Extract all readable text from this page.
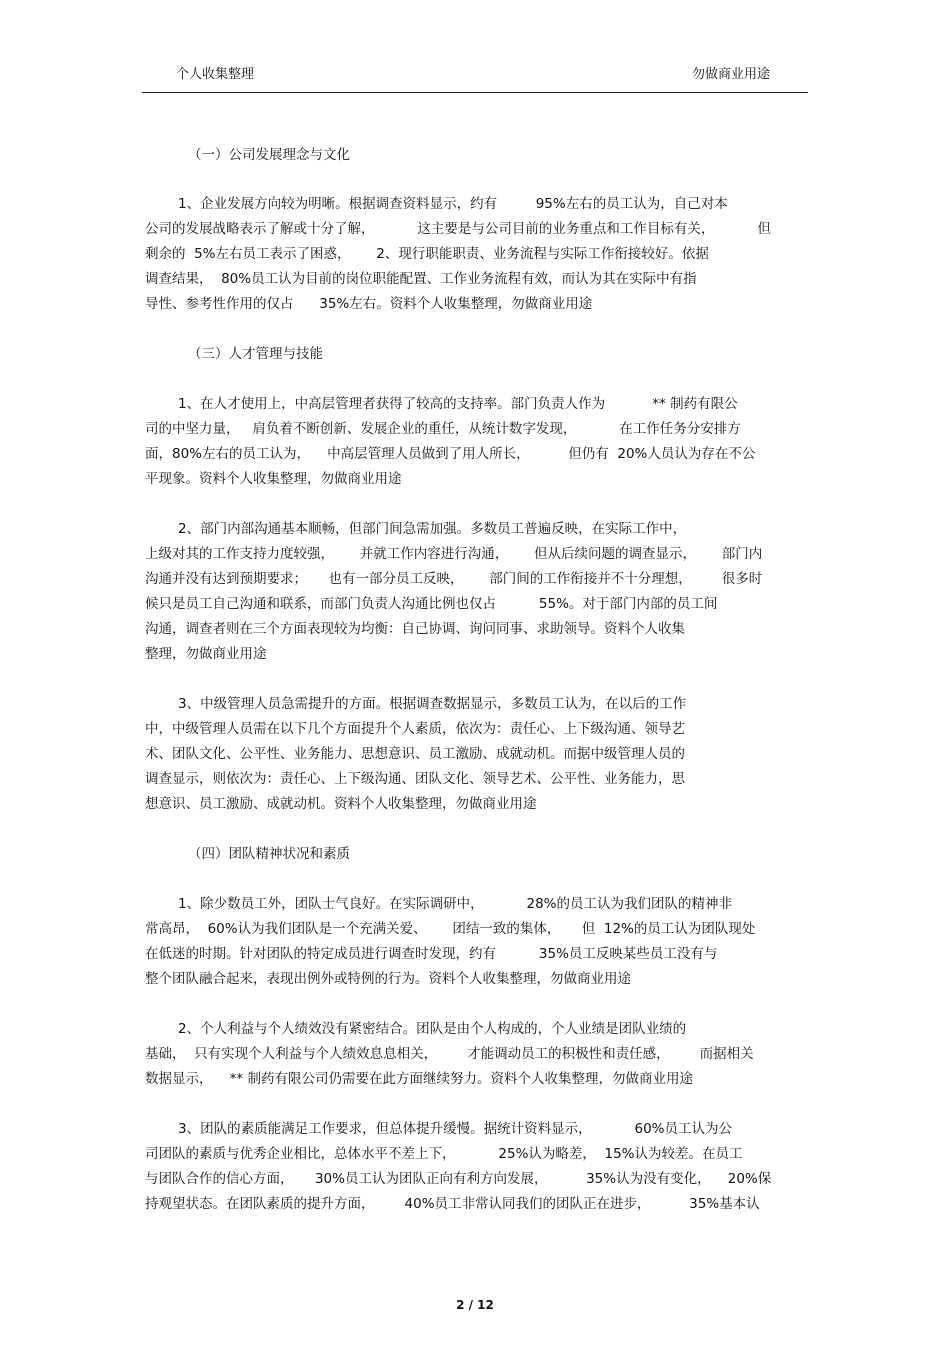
个人收集整理	勿做商业用途
（一）公司发展理念与文化
1、企业发展方向较为明晰。根据调查资料显示，约有         95%左右的员工认为，自己对本
公司的发展战略表示了解或十分了解，          这主要是与公司目前的业务重点和工作目标有关，          但
剩余的  5%左右员工表示了困惑，      2、现行职能职责、业务流程与实际工作衔接较好。依据
调查结果，  80%员工认为目前的岗位职能配置、工作业务流程有效，而认为其在实际中有指
导性、参考性作用的仅占      35%左右。资料个人收集整理，勿做商业用途
（三）人才管理与技能
1、在人才使用上，中高层管理者获得了较高的支持率。部门负责人作为           ** 制药有限公
司的中坚力量，   肩负着不断创新、发展企业的重任，从统计数字发现，          在工作任务分安排方
面，80%左右的员工认为，    中高层管理人员做到了用人所长，         但仍有  20%人员认为存在不公
平现象。资料个人收集整理，勿做商业用途
2、部门内部沟通基本顺畅，但部门间急需加强。多数员工普遍反映，在实际工作中，
上级对其的工作支持力度较强，      并就工作内容进行沟通，      但从后续问题的调查显示，      部门内
沟通并没有达到预期要求；     也有一部分员工反映，      部门间的工作衔接并不十分理想，       很多时
候只是员工自己沟通和联系，而部门负责人沟通比例也仅占          55%。对于部门内部的员工间
沟通，调查者则在三个方面表现较为均衡：自己协调、询问同事、求助领导。资料个人收集
整理，勿做商业用途
3、中级管理人员急需提升的方面。根据调查数据显示，多数员工认为，在以后的工作
中，中级管理人员需在以下几个方面提升个人素质，依次为：责任心、上下级沟通、领导艺
术、团队文化、公平性、业务能力、思想意识、员工激励、成就动机。而据中级管理人员的
调查显示，则依次为：责任心、上下级沟通、团队文化、领导艺术、公平性、业务能力，思
想意识、员工激励、成就动机。资料个人收集整理，勿做商业用途
（四）团队精神状况和素质
1、除少数员工外，团队士气良好。在实际调研中，          28%的员工认为我们团队的精神非
常高昂，  60%认为我们团队是一个充满关爱、      团结一致的集体，     但  12%的员工认为团队现处
在低迷的时期。针对团队的特定成员进行调查时发现，约有          35%员工反映某些员工没有与
整个团队融合起来，表现出例外或特例的行为。资料个人收集整理，勿做商业用途
2、个人利益与个人绩效没有紧密结合。团队是由个人构成的，个人业绩是团队业绩的
基础，  只有实现个人利益与个人绩效息息相关，       才能调动员工的积极性和责任感，       而据相关
数据显示，    ** 制药有限公司仍需要在此方面继续努力。资料个人收集整理，勿做商业用途
3、团队的素质能满足工作要求，但总体提升缓慢。据统计资料显示，          60%员工认为公
司团队的素质与优秀企业相比，总体水平不差上下，          25%认为略差，  15%认为较差。在员工
与团队合作的信心方面，     30%员工认为团队正向有利方向发展，         35%认为没有变化，    20%保
持观望状态。在团队素质的提升方面，       40%员工非常认同我们的团队正在进步，         35%基本认
2 / 12
